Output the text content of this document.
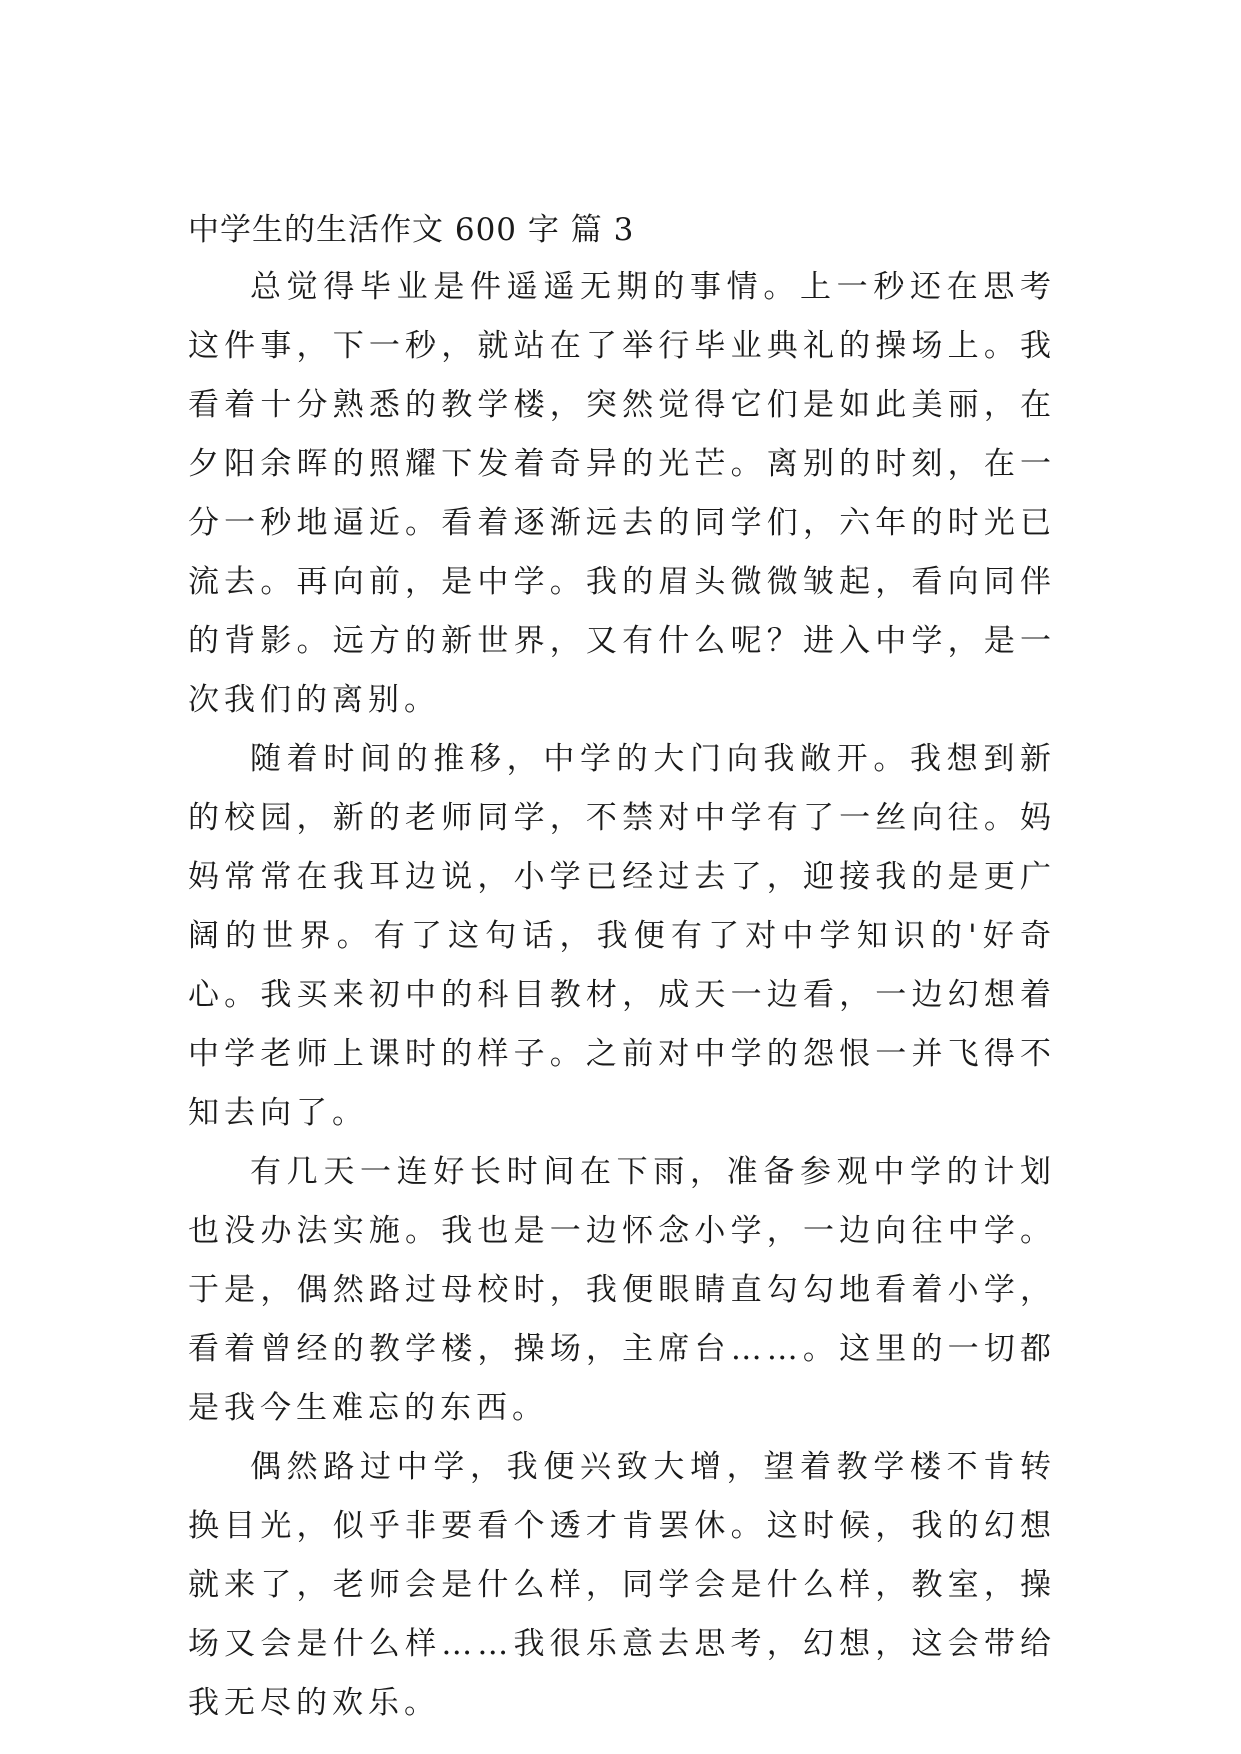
中学生的生活作文 600 字 篇 3

总觉得毕业是件遥遥无期的事情。上一秒还在思考这件事，下一秒，就站在了举行毕业典礼的操场上。我看着十分熟悉的教学楼，突然觉得它们是如此美丽，在夕阳余晖的照耀下发着奇异的光芒。离别的时刻，在一分一秒地逼近。看着逐渐远去的同学们，六年的时光已流去。再向前，是中学。我的眉头微微皱起，看向同伴的背影。远方的新世界，又有什么呢？进入中学，是一次我们的离别。

随着时间的推移，中学的大门向我敞开。我想到新的校园，新的老师同学，不禁对中学有了一丝向往。妈妈常常在我耳边说，小学已经过去了，迎接我的是更广阔的世界。有了这句话，我便有了对中学知识的'好奇心。我买来初中的科目教材，成天一边看，一边幻想着中学老师上课时的样子。之前对中学的怨恨一并飞得不知去向了。

有几天一连好长时间在下雨，准备参观中学的计划也没办法实施。我也是一边怀念小学，一边向往中学。于是，偶然路过母校时，我便眼睛直勾勾地看着小学，看着曾经的教学楼，操场，主席台……。这里的一切都是我今生难忘的东西。

偶然路过中学，我便兴致大增，望着教学楼不肯转换目光，似乎非要看个透才肯罢休。这时候，我的幻想就来了，老师会是什么样，同学会是什么样，教室，操场又会是什么样……我很乐意去思考，幻想，这会带给我无尽的欢乐。
